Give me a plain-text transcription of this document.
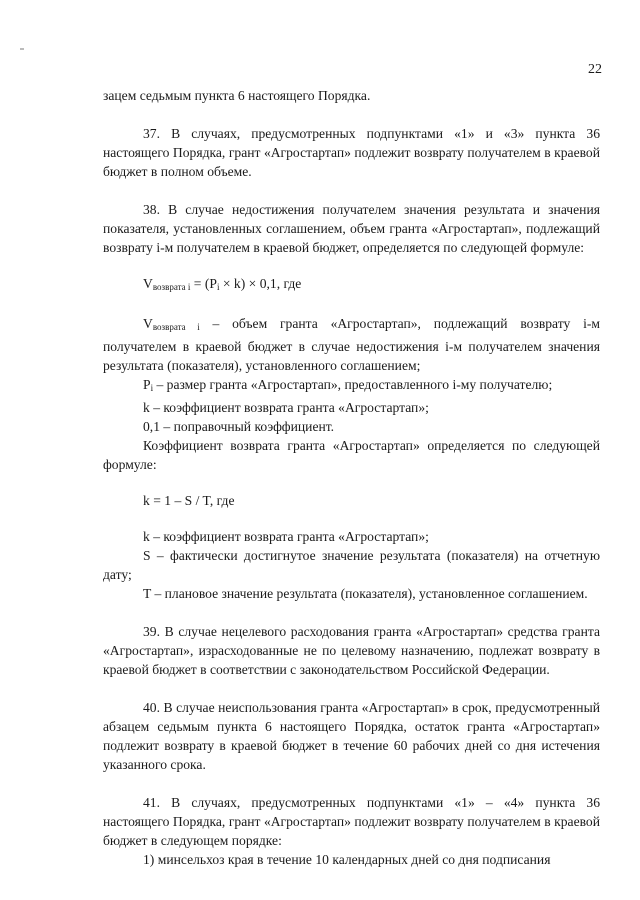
22

зацем седьмым пункта 6 настоящего Порядка.

37. В случаях, предусмотренных подпунктами «1» и «3» пункта 36 настоящего Порядка, грант «Агростартап» подлежит возврату получателем в краевой бюджет в полном объеме.

38. В случае недостижения получателем значения результата и значения показателя, установленных соглашением, объем гранта «Агростартап», подлежащий возврату i-м получателем в краевой бюджет, определяется по следующей формуле:

$V_{возврата i} = (P_i \times k) \times 0,1$, где

$V_{возврата i}$ – объем гранта «Агростартап», подлежащий возврату i-м получателем в краевой бюджет в случае недостижения i-м получателем значения результата (показателя), установленного соглашением;

$P_i$ – размер гранта «Агростартап», предоставленного i-му получателю;

k – коэффициент возврата гранта «Агростартап»;

0,1 – поправочный коэффициент.

Коэффициент возврата гранта «Агростартап» определяется по следующей формуле:

k = 1 – S / T, где

k – коэффициент возврата гранта «Агростартап»;

S – фактически достигнутое значение результата (показателя) на отчетную дату;

T – плановое значение результата (показателя), установленное соглашением.

39. В случае нецелевого расходования гранта «Агростартап» средства гранта «Агростартап», израсходованные не по целевому назначению, подлежат возврату в краевой бюджет в соответствии с законодательством Российской Федерации.

40. В случае неиспользования гранта «Агростартап» в срок, предусмотренный абзацем седьмым пункта 6 настоящего Порядка, остаток гранта «Агростартап» подлежит возврату в краевой бюджет в течение 60 рабочих дней со дня истечения указанного срока.

41. В случаях, предусмотренных подпунктами «1» – «4» пункта 36 настоящего Порядка, грант «Агростартап» подлежит возврату получателем в краевой бюджет в следующем порядке:

1) минсельхоз края в течение 10 календарных дней со дня подписания
